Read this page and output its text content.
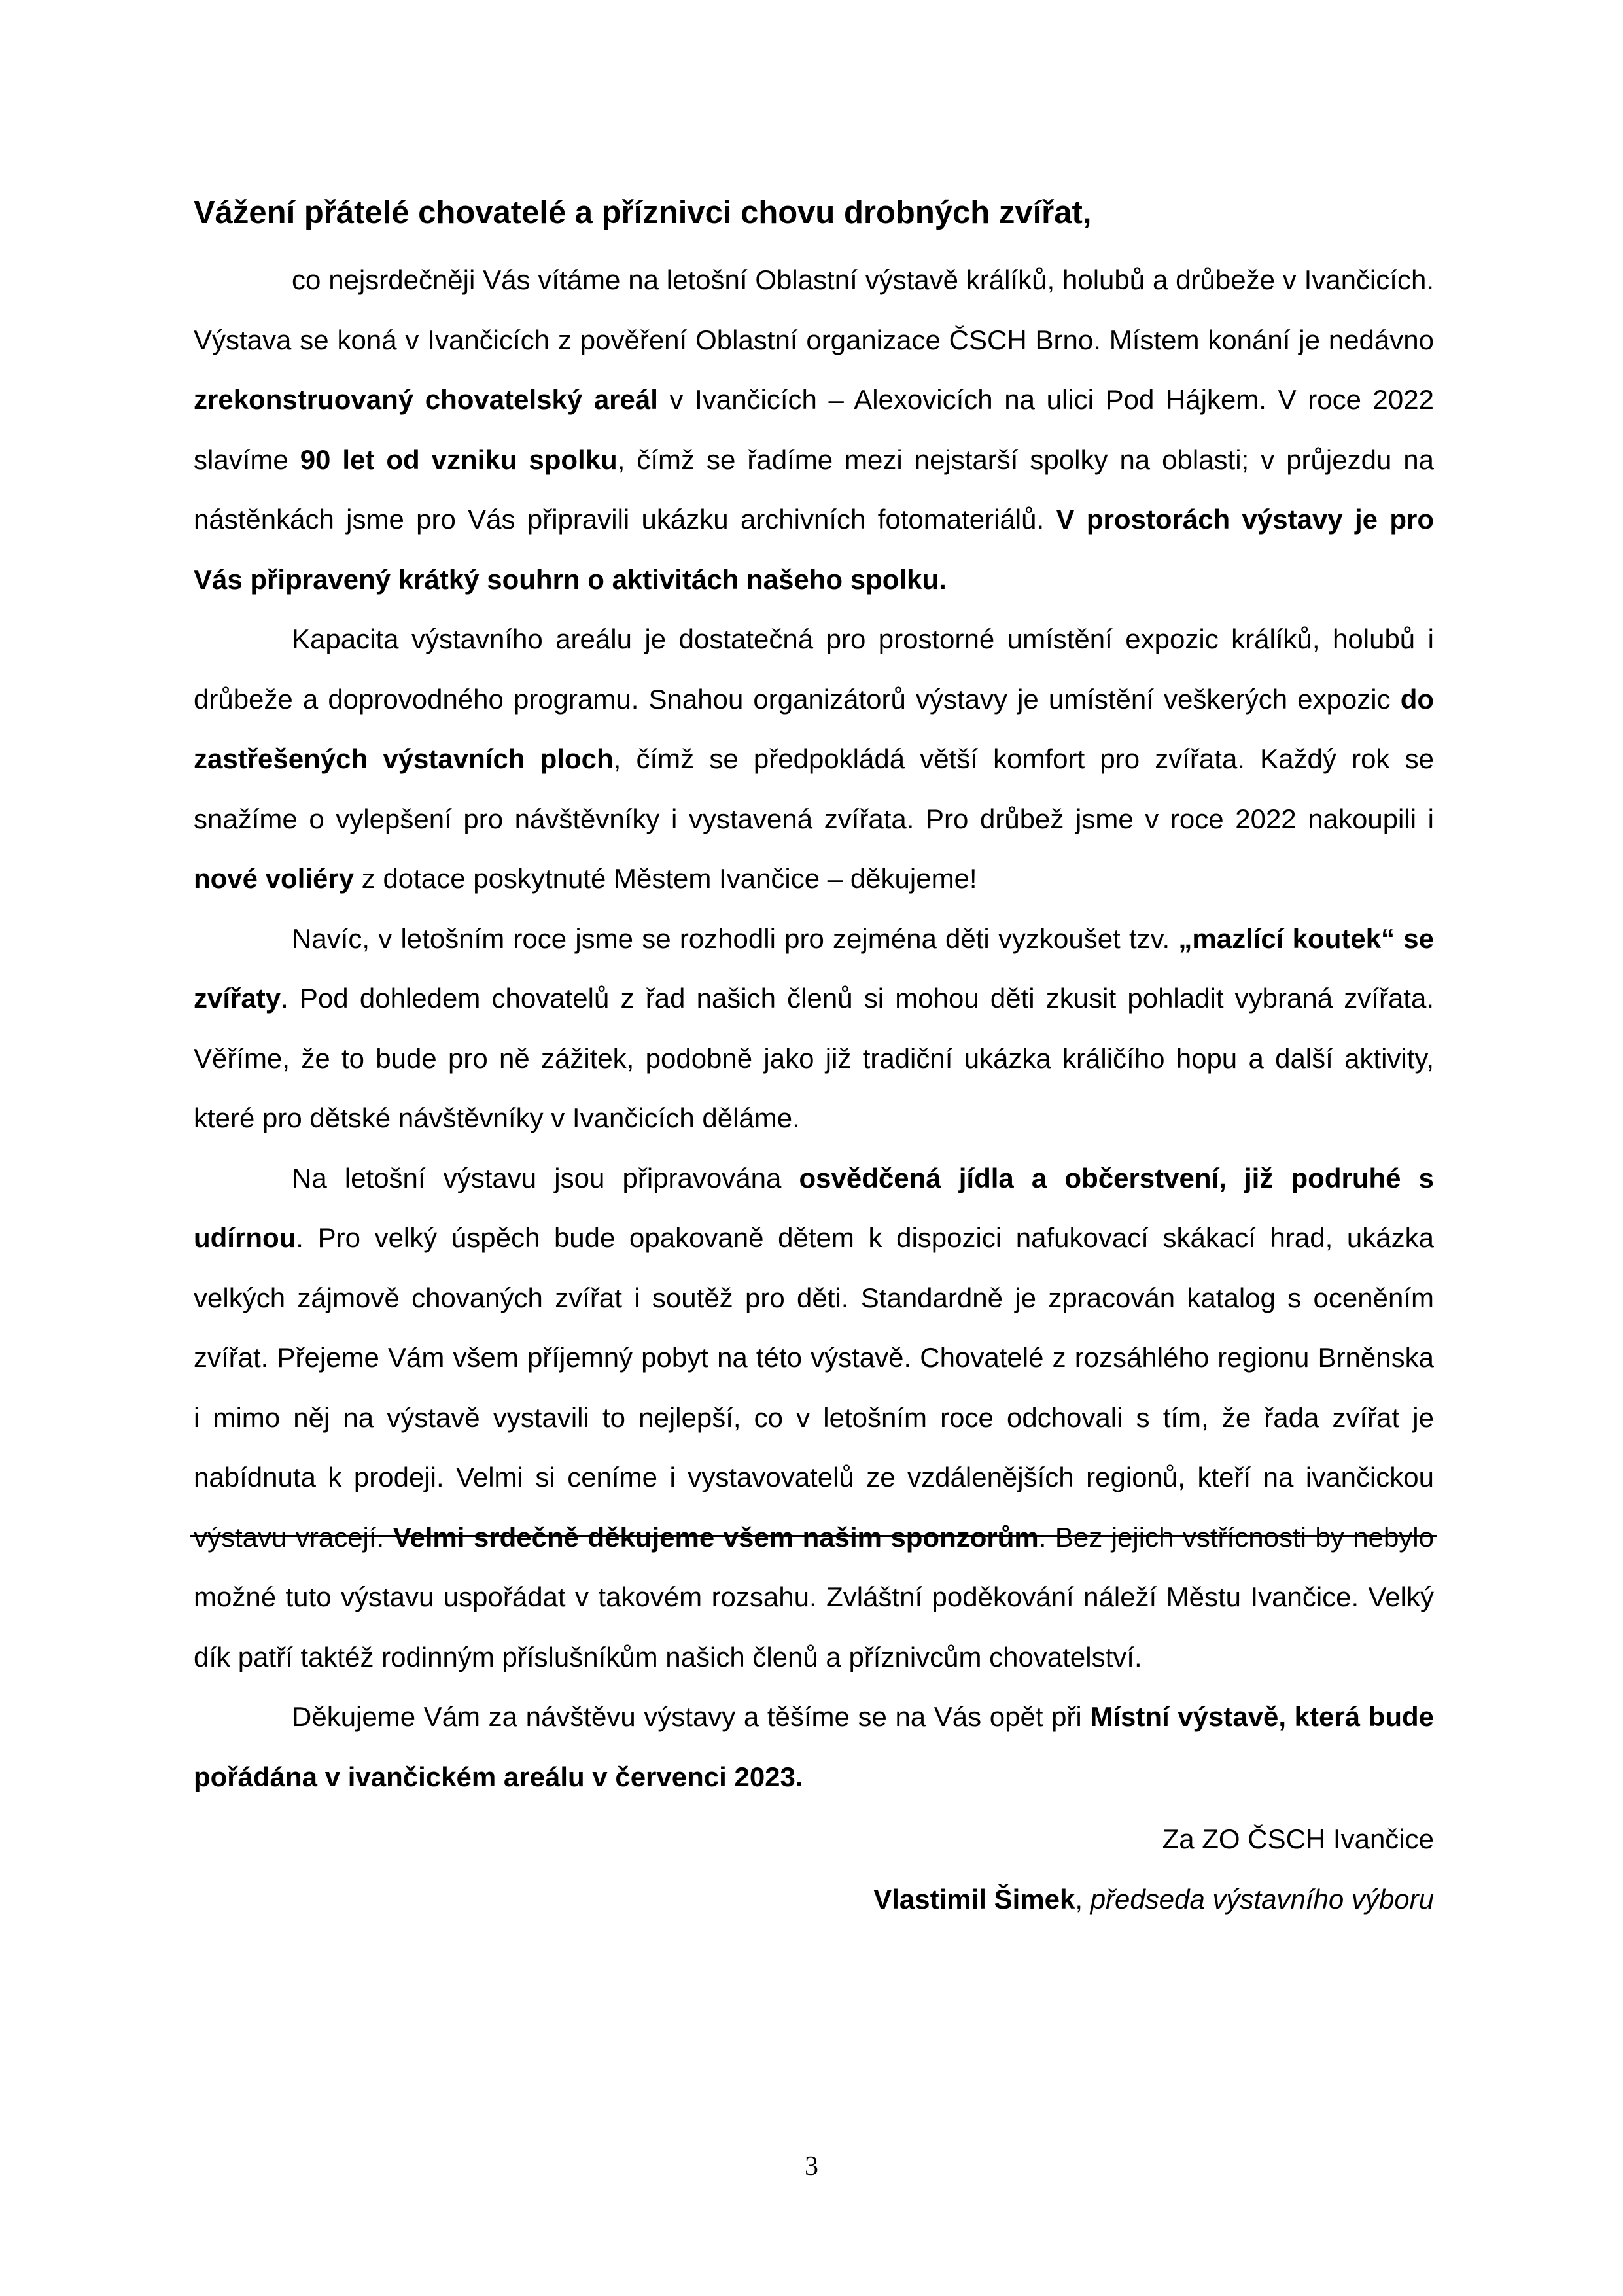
Vážení přátelé chovatelé a příznivci chovu drobných zvířat,

co nejsrdečněji Vás vítáme na letošní Oblastní výstavě králíků, holubů a drůbeže v Ivančicích. Výstava se koná v Ivančicích z pověření Oblastní organizace ČSCH Brno. Místem konání je nedávno zrekonstruovaný chovatelský areál v Ivančicích – Alexovicích na ulici Pod Hájkem. V roce 2022 slavíme 90 let od vzniku spolku, čímž se řadíme mezi nejstarší spolky na oblasti; v průjezdu na nástěnkách jsme pro Vás připravili ukázku archivních fotomateriálů. V prostorách výstavy je pro Vás připravený krátký souhrn o aktivitách našeho spolku.

Kapacita výstavního areálu je dostatečná pro prostorné umístění expozic králíků, holubů i drůbeže a doprovodného programu. Snahou organizátorů výstavy je umístění veškerých expozic do zastřešených výstavních ploch, čímž se předpokládá větší komfort pro zvířata. Každý rok se snažíme o vylepšení pro návštěvníky i vystavená zvířata. Pro drůbež jsme v roce 2022 nakoupili i nové voliéry z dotace poskytnuté Městem Ivančice – děkujeme!

Navíc, v letošním roce jsme se rozhodli pro zejména děti vyzkoušet tzv. „mazlící koutek“ se zvířaty. Pod dohledem chovatelů z řad našich členů si mohou děti zkusit pohladit vybraná zvířata. Věříme, že to bude pro ně zážitek, podobně jako již tradiční ukázka králičího hopu a další aktivity, které pro dětské návštěvníky v Ivančicích děláme.

Na letošní výstavu jsou připravována osvědčená jídla a občerstvení, již podruhé s udírnou. Pro velký úspěch bude opakovaně dětem k dispozici nafukovací skákací hrad, ukázka velkých zájmově chovaných zvířat i soutěž pro děti. Standardně je zpracován katalog s oceněním zvířat. Přejeme Vám všem příjemný pobyt na této výstavě. Chovatelé z rozsáhlého regionu Brněnska i mimo něj na výstavě vystavili to nejlepší, co v letošním roce odchovali s tím, že řada zvířat je nabídnuta k prodeji. Velmi si ceníme i vystavovatelů ze vzdálenějších regionů, kteří na ivančickou výstavu vracejí. Velmi srdečně děkujeme všem našim sponzorům. Bez jejich vstřícnosti by nebylo možné tuto výstavu uspořádat v takovém rozsahu. Zvláštní poděkování náleží Městu Ivančice. Velký dík patří taktéž rodinným příslušníkům našich členů a příznivcům chovatelství.

Děkujeme Vám za návštěvu výstavy a těšíme se na Vás opět při Místní výstavě, která bude pořádána v ivančickém areálu v červenci 2023.

Za ZO ČSCH Ivančice
Vlastimil Šimek, předseda výstavního výboru
3
